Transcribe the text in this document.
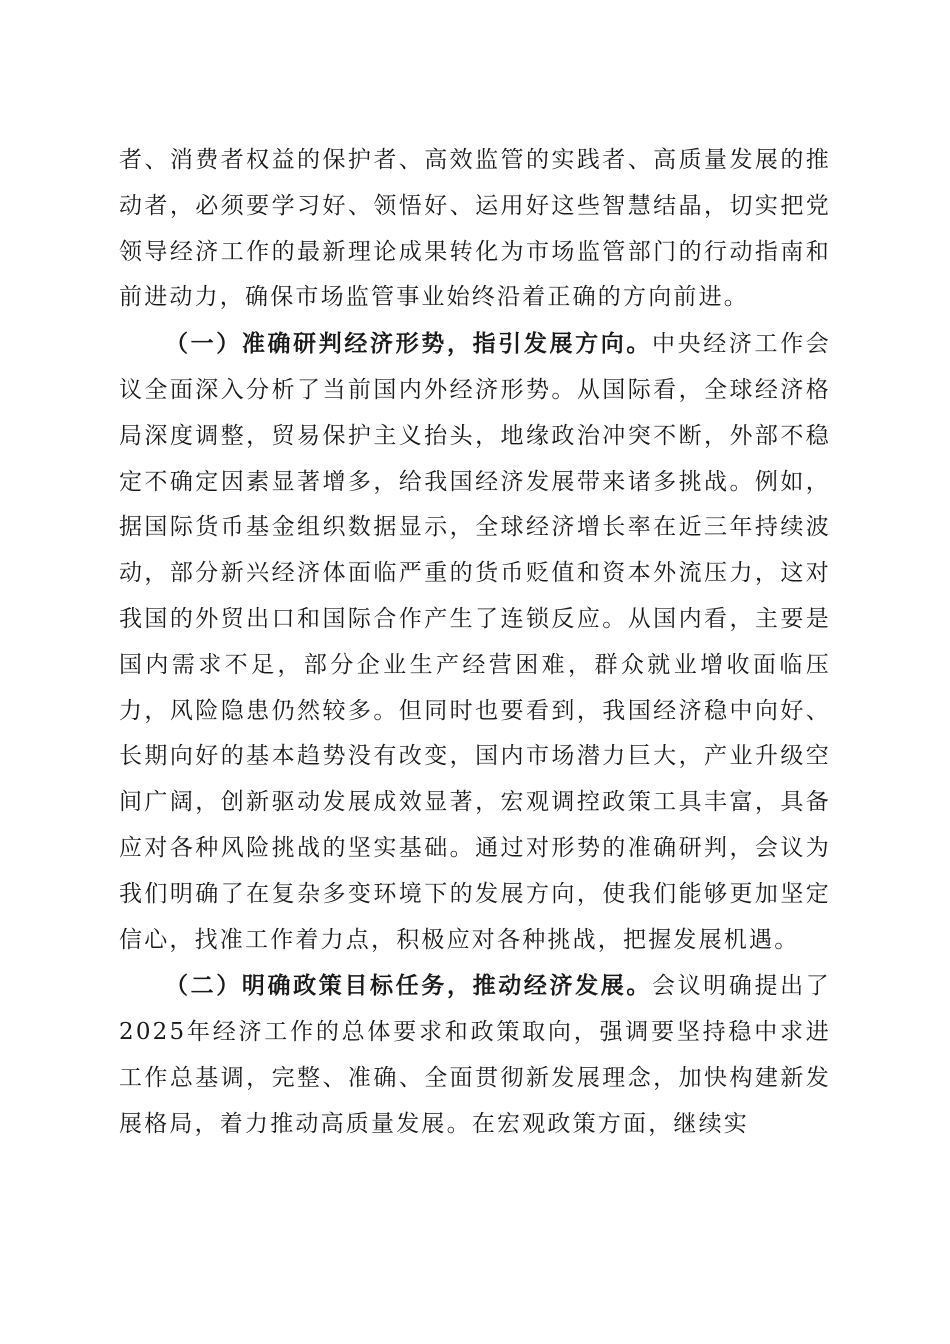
者、消费者权益的保护者、高效监管的实践者、高质量发展的推动者，必须要学习好、领悟好、运用好这些智慧结晶，切实把党领导经济工作的最新理论成果转化为市场监管部门的行动指南和前进动力，确保市场监管事业始终沿着正确的方向前进。

（一）准确研判经济形势，指引发展方向。中央经济工作会议全面深入分析了当前国内外经济形势。从国际看，全球经济格局深度调整，贸易保护主义抬头，地缘政治冲突不断，外部不稳定不确定因素显著增多，给我国经济发展带来诸多挑战。例如，据国际货币基金组织数据显示，全球经济增长率在近三年持续波动，部分新兴经济体面临严重的货币贬值和资本外流压力，这对我国的外贸出口和国际合作产生了连锁反应。从国内看，主要是国内需求不足，部分企业生产经营困难，群众就业增收面临压力，风险隐患仍然较多。但同时也要看到，我国经济稳中向好、长期向好的基本趋势没有改变，国内市场潜力巨大，产业升级空间广阔，创新驱动发展成效显著，宏观调控政策工具丰富，具备应对各种风险挑战的坚实基础。通过对形势的准确研判，会议为我们明确了在复杂多变环境下的发展方向，使我们能够更加坚定信心，找准工作着力点，积极应对各种挑战，把握发展机遇。

（二）明确政策目标任务，推动经济发展。会议明确提出了2025年经济工作的总体要求和政策取向，强调要坚持稳中求进工作总基调，完整、准确、全面贯彻新发展理念，加快构建新发展格局，着力推动高质量发展。在宏观政策方面，继续实
